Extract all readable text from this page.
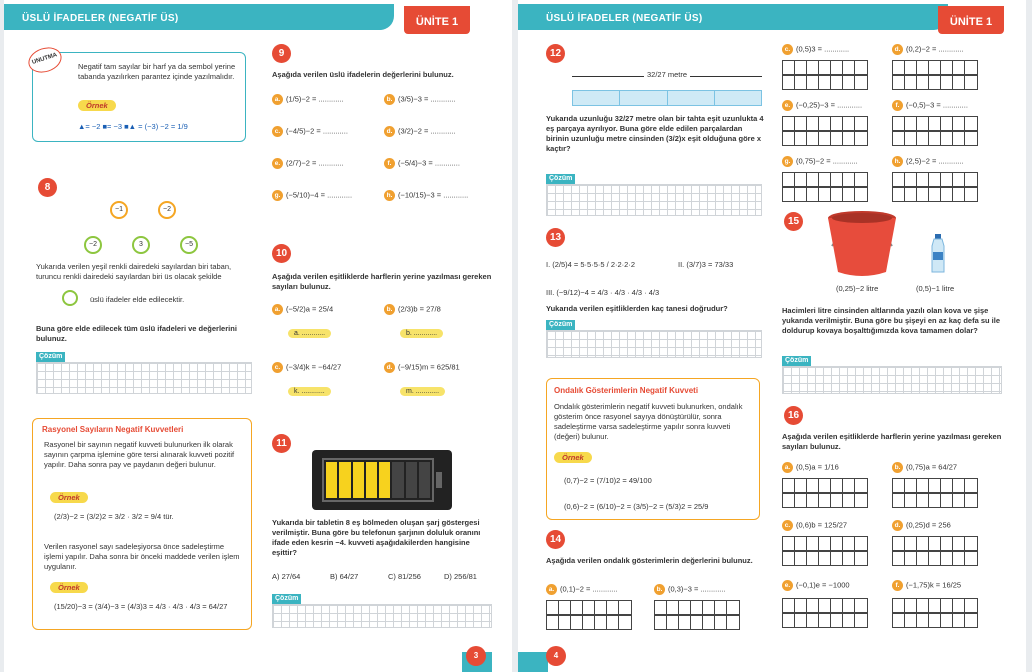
ÜSLÜ İFADELER (NEGATİF ÜS)	ÜNİTE 1
UNUTMA
Negatif tam sayılar bir harf ya da sembol yerine tabanda yazılırken parantez içinde yazılmalıdır.
Örnek
▲= −2 ■= −3 ■▲ = (−3) −2 = 1/9
8
−1	−2
−2	3	−5
Yukarıda verilen yeşil renkli dairedeki sayılardan biri taban, turuncu renkli dairedeki sayılardan biri üs olacak şekilde
üslü ifadeler elde edilecektir.
Buna göre elde edilecek tüm üslü ifadeleri ve değerlerini bulunuz.
Çözüm
Rasyonel Sayıların Negatif Kuvvetleri
Rasyonel bir sayının negatif kuvveti bulunurken ilk olarak sayının çarpma işlemine göre tersi alınarak kuvveti pozitif yapılır. Daha sonra pay ve paydanın değeri bulunur.
Örnek
(2/3)−2 = (3/2)2 = 3/2 · 3/2 = 9/4 tür.
Verilen rasyonel sayı sadeleşiyorsa önce sadeleştirme işlemi yapılır. Daha sonra bir önceki maddede verilen işlem uygulanır.
Örnek
(15/20)−3 = (3/4)−3 = (4/3)3 = 4/3 · 4/3 · 4/3 = 64/27
9
Aşağıda verilen üslü ifadelerin değerlerini bulunuz.
a. (1/5)−2 = ............	b. (3/5)−3 = ............
c. (−4/5)−2 = ............	d. (3/2)−2 = ............
e. (2/7)−2 = ............	f. (−5/4)−3 = ............
g. (−5/10)−4 = ............	h. (−10/15)−3 = ............
10
Aşağıda verilen eşitliklerde harflerin yerine yazılması gereken sayıları bulunuz.
a. (−5/2)a = 25/4	b. (2/3)b = 27/8
a. ............	b. ............
c. (−3/4)k = −64/27	d. (−9/15)m = 625/81
k. ............	m. ............
11
Yukarıda bir tabletin 8 eş bölmeden oluşan şarj göstergesi verilmiştir. Buna göre bu telefonun şarjının doluluk oranını ifade eden kesrin −4. kuvveti aşağıdakilerden hangisine eşittir?
A) 27/64	B) 64/27	C) 81/256	D) 256/81
Çözüm
3
ÜSLÜ İFADELER (NEGATİF ÜS)	ÜNİTE 1
12
32/27 metre
Yukarıda uzunluğu 32/27 metre olan bir tahta eşit uzunlukta 4 eş parçaya ayrılıyor. Buna göre elde edilen parçalardan birinin uzunluğu metre cinsinden (3/2)x eşit olduğuna göre x kaçtır?
Çözüm
13
I. (2/5)4 = 5·5·5·5 / 2·2·2·2	II. (3/7)3 = 73/33
III. (−9/12)−4 = 4/3 · 4/3 · 4/3 · 4/3
Yukarıda verilen eşitliklerden kaç tanesi doğrudur?
Çözüm
Ondalık Gösterimlerin Negatif Kuvveti
Ondalık gösterimlerin negatif kuvveti bulunurken, ondalık gösterim önce rasyonel sayıya dönüştürülür, sonra sadeleştirme varsa sadeleştirme yapılır sonra kuvveti (değeri) bulunur.
Örnek
(0,7)−2 = (7/10)2 = 49/100
(0,6)−2 = (6/10)−2 = (3/5)−2 = (5/3)2 = 25/9
14
Aşağıda verilen ondalık gösterimlerin değerlerini bulunuz.
a. (0,1)−2 = ............	b. (0,3)−3 = ............
c. (0,5)3 = ............	d. (0,2)−2 = ............
e. (−0,25)−3 = ............	f. (−0,5)−3 = ............
g. (0,75)−2 = ............	h. (2,5)−2 = ............
15
(0,25)−2 litre	(0,5)−1 litre
Hacimleri litre cinsinden altlarında yazılı olan kova ve şişe yukarıda verilmiştir. Buna göre bu şişeyi en az kaç defa su ile doldurup kovaya boşalttığımızda kova tamamen dolar?
Çözüm
16
Aşağıda verilen eşitliklerde harflerin yerine yazılması gereken sayıları bulunuz.
a. (0,5)a = 1/16	b. (0,75)a = 64/27
c. (0,6)b = 125/27	d. (0,25)d = 256
e. (−0,1)e = −1000	f. (−1,75)k = 16/25
4
